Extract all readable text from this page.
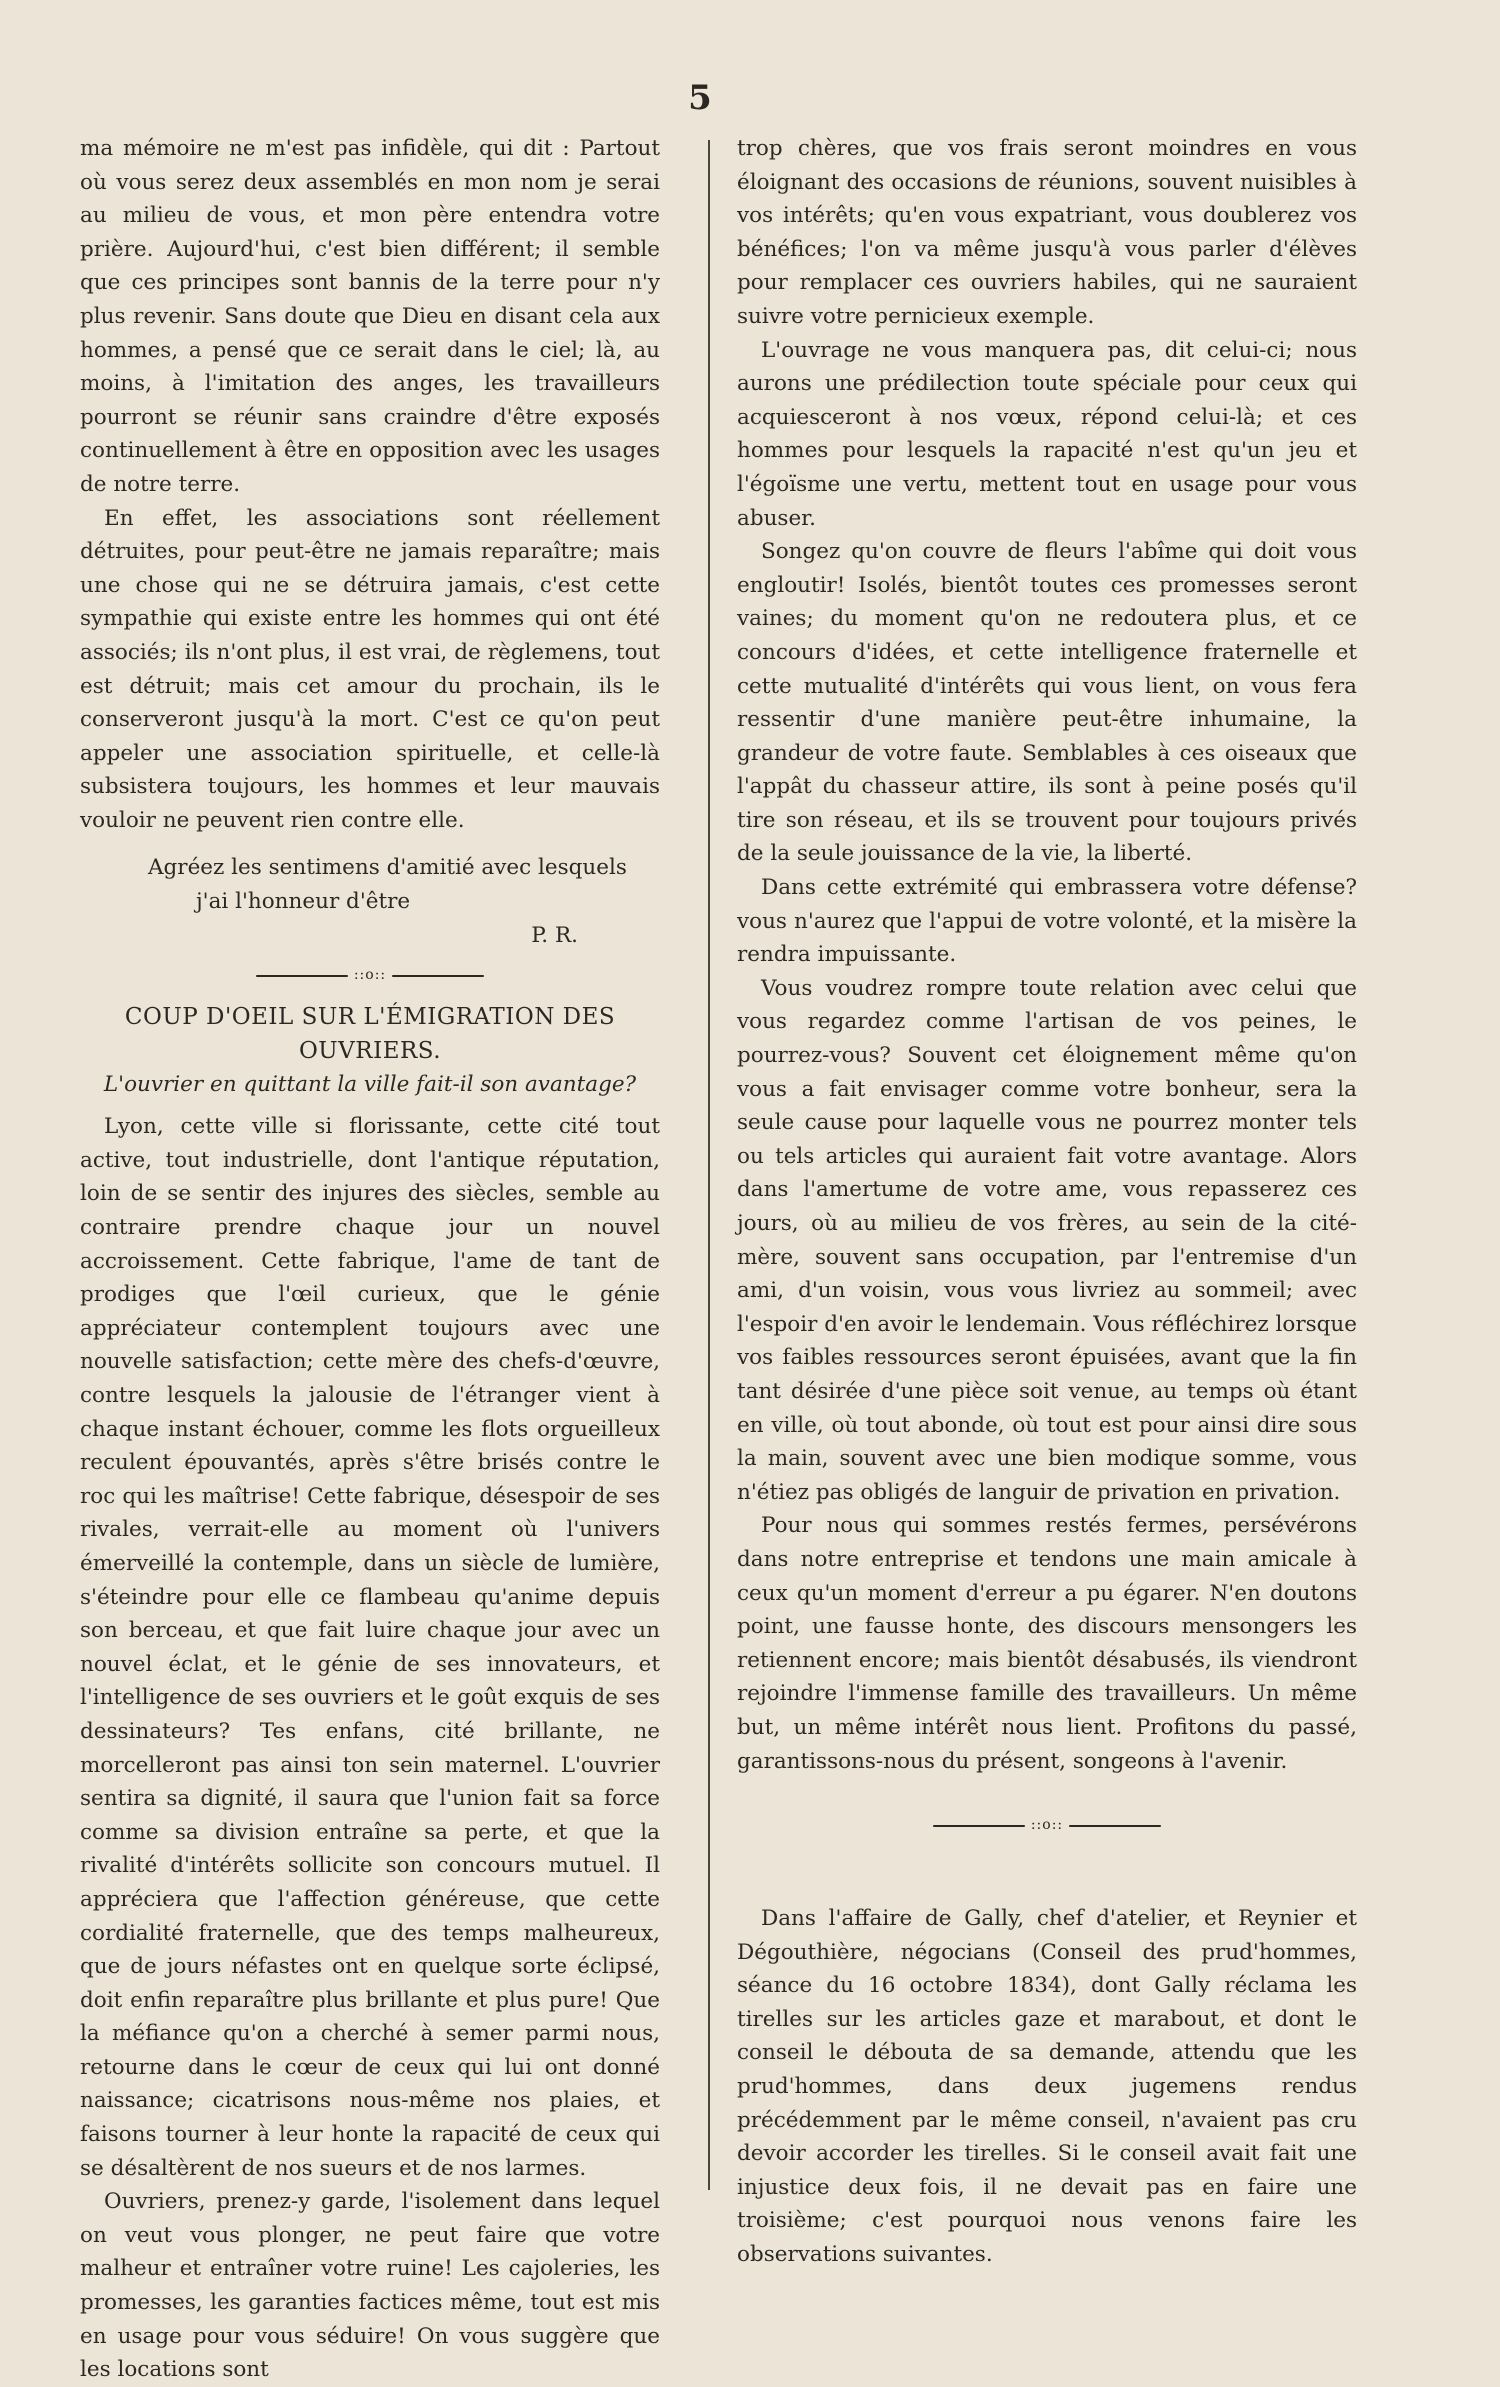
5

ma mémoire ne m'est pas infidèle, qui dit : Partout où vous serez deux assemblés en mon nom je serai au milieu de vous, et mon père entendra votre prière. Aujourd'hui, c'est bien différent; il semble que ces principes sont bannis de la terre pour n'y plus revenir. Sans doute que Dieu en disant cela aux hommes, a pensé que ce serait dans le ciel; là, au moins, à l'imitation des anges, les travailleurs pourront se réunir sans craindre d'être exposés continuellement à être en opposition avec les usages de notre terre.

En effet, les associations sont réellement détruites, pour peut-être ne jamais reparaître; mais une chose qui ne se détruira jamais, c'est cette sympathie qui existe entre les hommes qui ont été associés; ils n'ont plus, il est vrai, de règlemens, tout est détruit; mais cet amour du prochain, ils le conserveront jusqu'à la mort. C'est ce qu'on peut appeler une association spirituelle, et celle-là subsistera toujours, les hommes et leur mauvais vouloir ne peuvent rien contre elle.

Agréez les sentimens d'amitié avec lesquels

j'ai l'honneur d'être

P. R.

::o::
COUP D'OEIL SUR L'ÉMIGRATION DES OUVRIERS.
L'ouvrier en quittant la ville fait-il son avantage?

Lyon, cette ville si florissante, cette cité tout active, tout industrielle, dont l'antique réputation, loin de se sentir des injures des siècles, semble au contraire prendre chaque jour un nouvel accroissement. Cette fabrique, l'ame de tant de prodiges que l'œil curieux, que le génie appréciateur contemplent toujours avec une nouvelle satisfaction; cette mère des chefs-d'œuvre, contre lesquels la jalousie de l'étranger vient à chaque instant échouer, comme les flots orgueilleux reculent épouvantés, après s'être brisés contre le roc qui les maîtrise! Cette fabrique, désespoir de ses rivales, verrait-elle au moment où l'univers émerveillé la contemple, dans un siècle de lumière, s'éteindre pour elle ce flambeau qu'anime depuis son berceau, et que fait luire chaque jour avec un nouvel éclat, et le génie de ses innovateurs, et l'intelligence de ses ouvriers et le goût exquis de ses dessinateurs? Tes enfans, cité brillante, ne morcelleront pas ainsi ton sein maternel. L'ouvrier sentira sa dignité, il saura que l'union fait sa force comme sa division entraîne sa perte, et que la rivalité d'intérêts sollicite son concours mutuel. Il appréciera que l'affection généreuse, que cette cordialité fraternelle, que des temps malheureux, que de jours néfastes ont en quelque sorte éclipsé, doit enfin reparaître plus brillante et plus pure! Que la méfiance qu'on a cherché à semer parmi nous, retourne dans le cœur de ceux qui lui ont donné naissance; cicatrisons nous-même nos plaies, et faisons tourner à leur honte la rapacité de ceux qui se désaltèrent de nos sueurs et de nos larmes.

Ouvriers, prenez-y garde, l'isolement dans lequel on veut vous plonger, ne peut faire que votre malheur et entraîner votre ruine! Les cajoleries, les promesses, les garanties factices même, tout est mis en usage pour vous séduire! On vous suggère que les locations sont

trop chères, que vos frais seront moindres en vous éloignant des occasions de réunions, souvent nuisibles à vos intérêts; qu'en vous expatriant, vous doublerez vos bénéfices; l'on va même jusqu'à vous parler d'élèves pour remplacer ces ouvriers habiles, qui ne sauraient suivre votre pernicieux exemple.

L'ouvrage ne vous manquera pas, dit celui-ci; nous aurons une prédilection toute spéciale pour ceux qui acquiesceront à nos vœux, répond celui-là; et ces hommes pour lesquels la rapacité n'est qu'un jeu et l'égoïsme une vertu, mettent tout en usage pour vous abuser.

Songez qu'on couvre de fleurs l'abîme qui doit vous engloutir! Isolés, bientôt toutes ces promesses seront vaines; du moment qu'on ne redoutera plus, et ce concours d'idées, et cette intelligence fraternelle et cette mutualité d'intérêts qui vous lient, on vous fera ressentir d'une manière peut-être inhumaine, la grandeur de votre faute. Semblables à ces oiseaux que l'appât du chasseur attire, ils sont à peine posés qu'il tire son réseau, et ils se trouvent pour toujours privés de la seule jouissance de la vie, la liberté.

Dans cette extrémité qui embrassera votre défense? vous n'aurez que l'appui de votre volonté, et la misère la rendra impuissante.

Vous voudrez rompre toute relation avec celui que vous regardez comme l'artisan de vos peines, le pourrez-vous? Souvent cet éloignement même qu'on vous a fait envisager comme votre bonheur, sera la seule cause pour laquelle vous ne pourrez monter tels ou tels articles qui auraient fait votre avantage. Alors dans l'amertume de votre ame, vous repasserez ces jours, où au milieu de vos frères, au sein de la cité-mère, souvent sans occupation, par l'entremise d'un ami, d'un voisin, vous vous livriez au sommeil; avec l'espoir d'en avoir le lendemain. Vous réfléchirez lorsque vos faibles ressources seront épuisées, avant que la fin tant désirée d'une pièce soit venue, au temps où étant en ville, où tout abonde, où tout est pour ainsi dire sous la main, souvent avec une bien modique somme, vous n'étiez pas obligés de languir de privation en privation.

Pour nous qui sommes restés fermes, persévérons dans notre entreprise et tendons une main amicale à ceux qu'un moment d'erreur a pu égarer. N'en doutons point, une fausse honte, des discours mensongers les retiennent encore; mais bientôt désabusés, ils viendront rejoindre l'immense famille des travailleurs. Un même but, un même intérêt nous lient. Profitons du passé, garantissons-nous du présent, songeons à l'avenir.

::o::

Dans l'affaire de Gally, chef d'atelier, et Reynier et Dégouthière, négocians (Conseil des prud'hommes, séance du 16 octobre 1834), dont Gally réclama les tirelles sur les articles gaze et marabout, et dont le conseil le débouta de sa demande, attendu que les prud'hommes, dans deux jugemens rendus précédemment par le même conseil, n'avaient pas cru devoir accorder les tirelles. Si le conseil avait fait une injustice deux fois, il ne devait pas en faire une troisième; c'est pourquoi nous venons faire les observations suivantes.
